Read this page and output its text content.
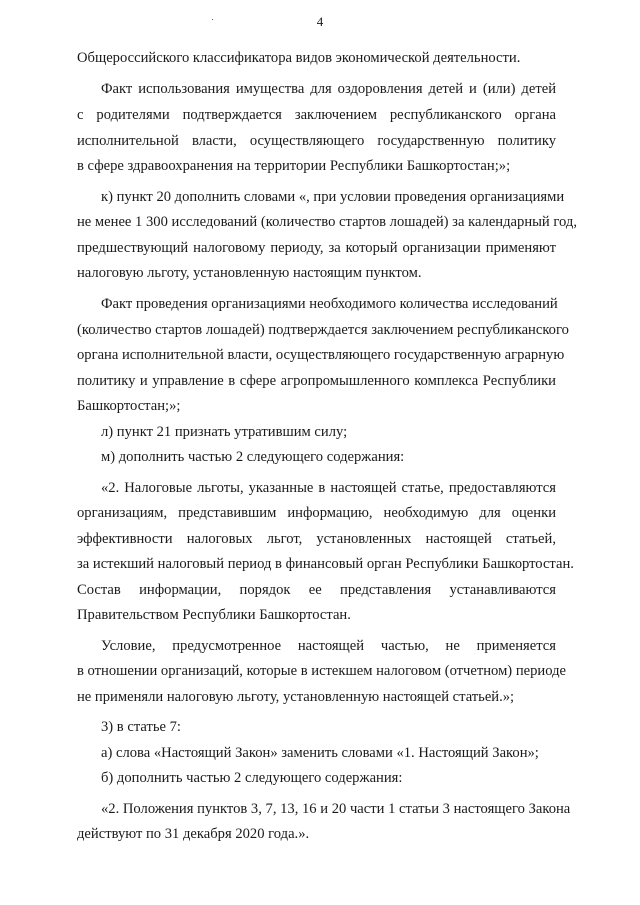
4
Общероссийского классификатора видов экономической деятельности.
Факт использования имущества для оздоровления детей и (или) детей
с родителями подтверждается заключением республиканского органа
исполнительной власти, осуществляющего государственную политику
в сфере здравоохранения на территории Республики Башкортостан;»;
к) пункт 20 дополнить словами «, при условии проведения организациями
не менее 1 300 исследований (количество стартов лошадей) за календарный год,
предшествующий налоговому периоду, за который организации применяют
налоговую льготу, установленную настоящим пунктом.
Факт проведения организациями необходимого количества исследований
(количество стартов лошадей) подтверждается заключением республиканского
органа исполнительной власти, осуществляющего государственную аграрную
политику и управление в сфере агропромышленного комплекса Республики
Башкортостан;»;
л) пункт 21 признать утратившим силу;
м) дополнить частью 2 следующего содержания:
«2. Налоговые льготы, указанные в настоящей статье, предоставляются
организациям, представившим информацию, необходимую для оценки
эффективности налоговых льгот, установленных настоящей статьей,
за истекший налоговый период в финансовый орган Республики Башкортостан.
Состав информации, порядок ее представления устанавливаются
Правительством Республики Башкортостан.
Условие, предусмотренное настоящей частью, не применяется
в отношении организаций, которые в истекшем налоговом (отчетном) периоде
не применяли налоговую льготу, установленную настоящей статьей.»;
3) в статье 7:
а) слова «Настоящий Закон» заменить словами «1. Настоящий Закон»;
б) дополнить частью 2 следующего содержания:
«2. Положения пунктов 3, 7, 13, 16 и 20 части 1 статьи 3 настоящего Закона
действуют по 31 декабря 2020 года.».
